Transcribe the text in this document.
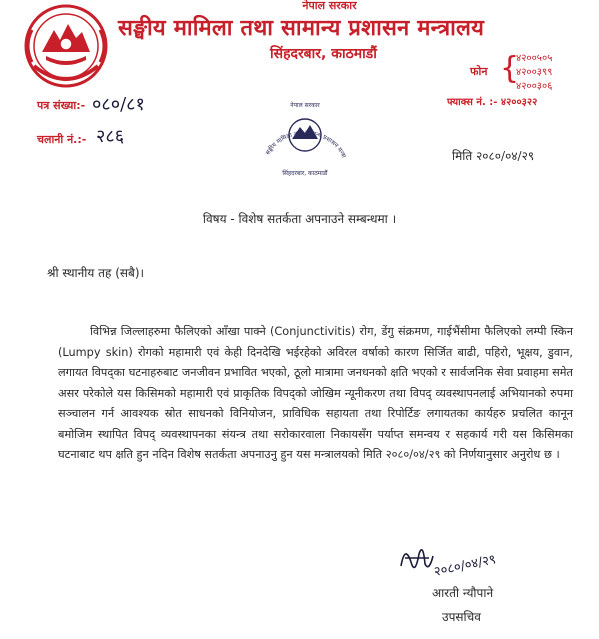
नेपाल सरकार
सङ्घीय मामिला तथा सामान्य प्रशासन मन्त्रालय
सिंहदरबार, काठमाडौं
फोन {
४२००५०५
४२००३९९
४२००३०६
फ्याक्स नं. :- ४२००३२२
पत्र संख्या:- ०८०/८१
चलानी नं.:- २८६
सङ्घीय मामिला तथा सामान्य प्रशासन मन्त्रा
नेपाल सरकार
सिंहदरबार, काठमाडौं
मिति २०८०/०४/२९
विषय - विशेष सतर्कता अपनाउने सम्बन्धमा ।
श्री स्थानीय तह (सबै)।
विभिन्न जिल्लाहरुमा फैलिएको आँखा पाक्ने (Conjunctivitis) रोग, डेंगु संक्रमण, गाईभैंसीमा फैलिएको लम्पी स्किन (Lumpy skin) रोगको महामारी एवं केही दिनदेखि भईरहेको अविरल वर्षाको कारण सिर्जित बाढी, पहिरो, भूक्षय, डुवान, लगायत विपद्का घटनाहरुबाट जनजीवन प्रभावित भएको, ठूलो मात्रामा जनधनको क्षति भएको र सार्वजनिक सेवा प्रवाहमा समेत असर परेकोले यस किसिमको महामारी एवं प्राकृतिक विपद्को जोखिम न्यूनीकरण तथा विपद् व्यवस्थापनलाई अभियानको रुपमा सञ्चालन गर्न आवश्यक स्रोत साधनको विनियोजन, प्राविधिक सहायता तथा रिपोर्टिङ लगायतका कार्यहरु प्रचलित कानून बमोजिम स्थापित विपद् व्यवस्थापनका संयन्त्र तथा सरोकारवाला निकायसँग पर्याप्त समन्वय र सहकार्य गरी यस किसिमका घटनाबाट थप क्षति हुन नदिन विशेष सतर्कता अपनाउनु हुन यस मन्त्रालयको मिति २०८०/०४/२९ को निर्णयानुसार अनुरोध छ ।
२०८०/०४/२९
आरती न्यौपाने
उपसचिव
